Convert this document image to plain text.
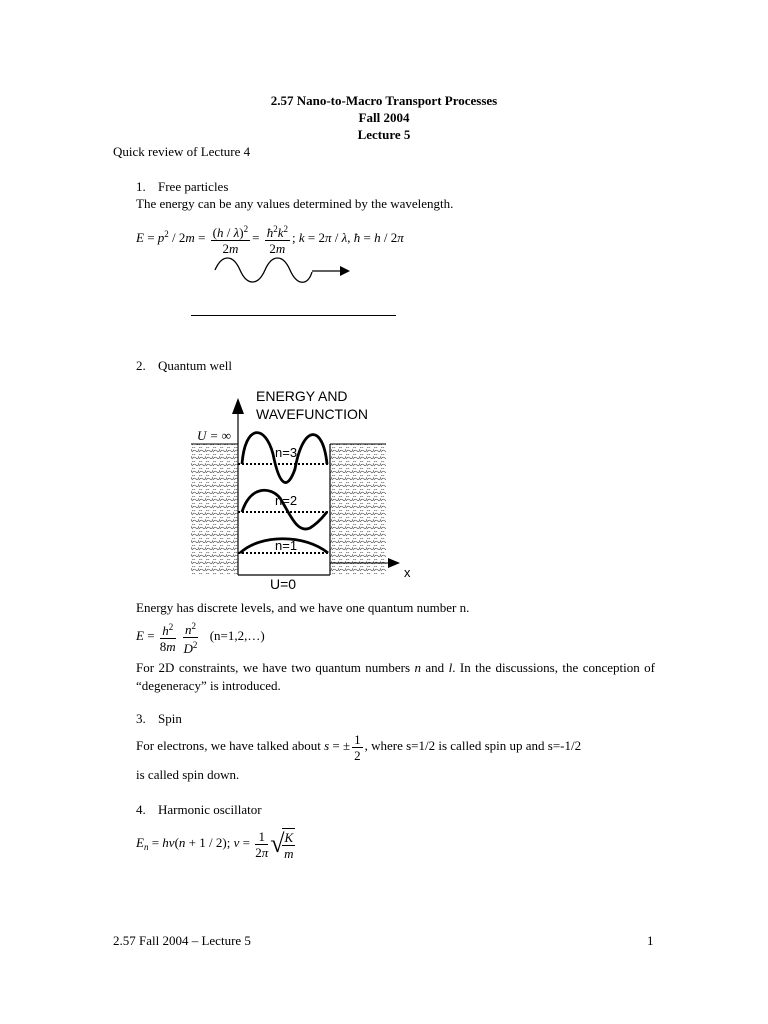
2.57 Nano-to-Macro Transport Processes
Fall 2004
Lecture 5
Quick review of Lecture 4
1. Free particles
The energy can be any values determined by the wavelength.
$E = p^2 / 2m = \frac{(h / \lambda)^2}{2m} = \frac{ħ^2k^2}{2m}$ ; k = 2π / λ, ħ = h / 2π
2. Quantum well
ENERGY AND
WAVEFUNCTION
U = ∞
n=3
n=2
n=1
U=0
x
Energy has discrete levels, and we have one quantum number n.
$E = \frac{h^2}{8m}$
$\frac{n^2}{D^2}$ (n=1,2,…)
For 2D constraints, we have two quantum numbers n and l. In the discussions, the conception of “degeneracy” is introduced.
3. Spin
For electrons, we have talked about s = ± $\frac{1}{2}$ , where s=1/2 is called spin up and s=-1/2
is called spin down.
4. Harmonic oscillator
$E_n = h\nu(n + 1 / 2)$; $\nu = \frac{1}{2\pi}$ √
$\frac{K}{m}$
2.57 Fall 2004 – Lecture 5	1
